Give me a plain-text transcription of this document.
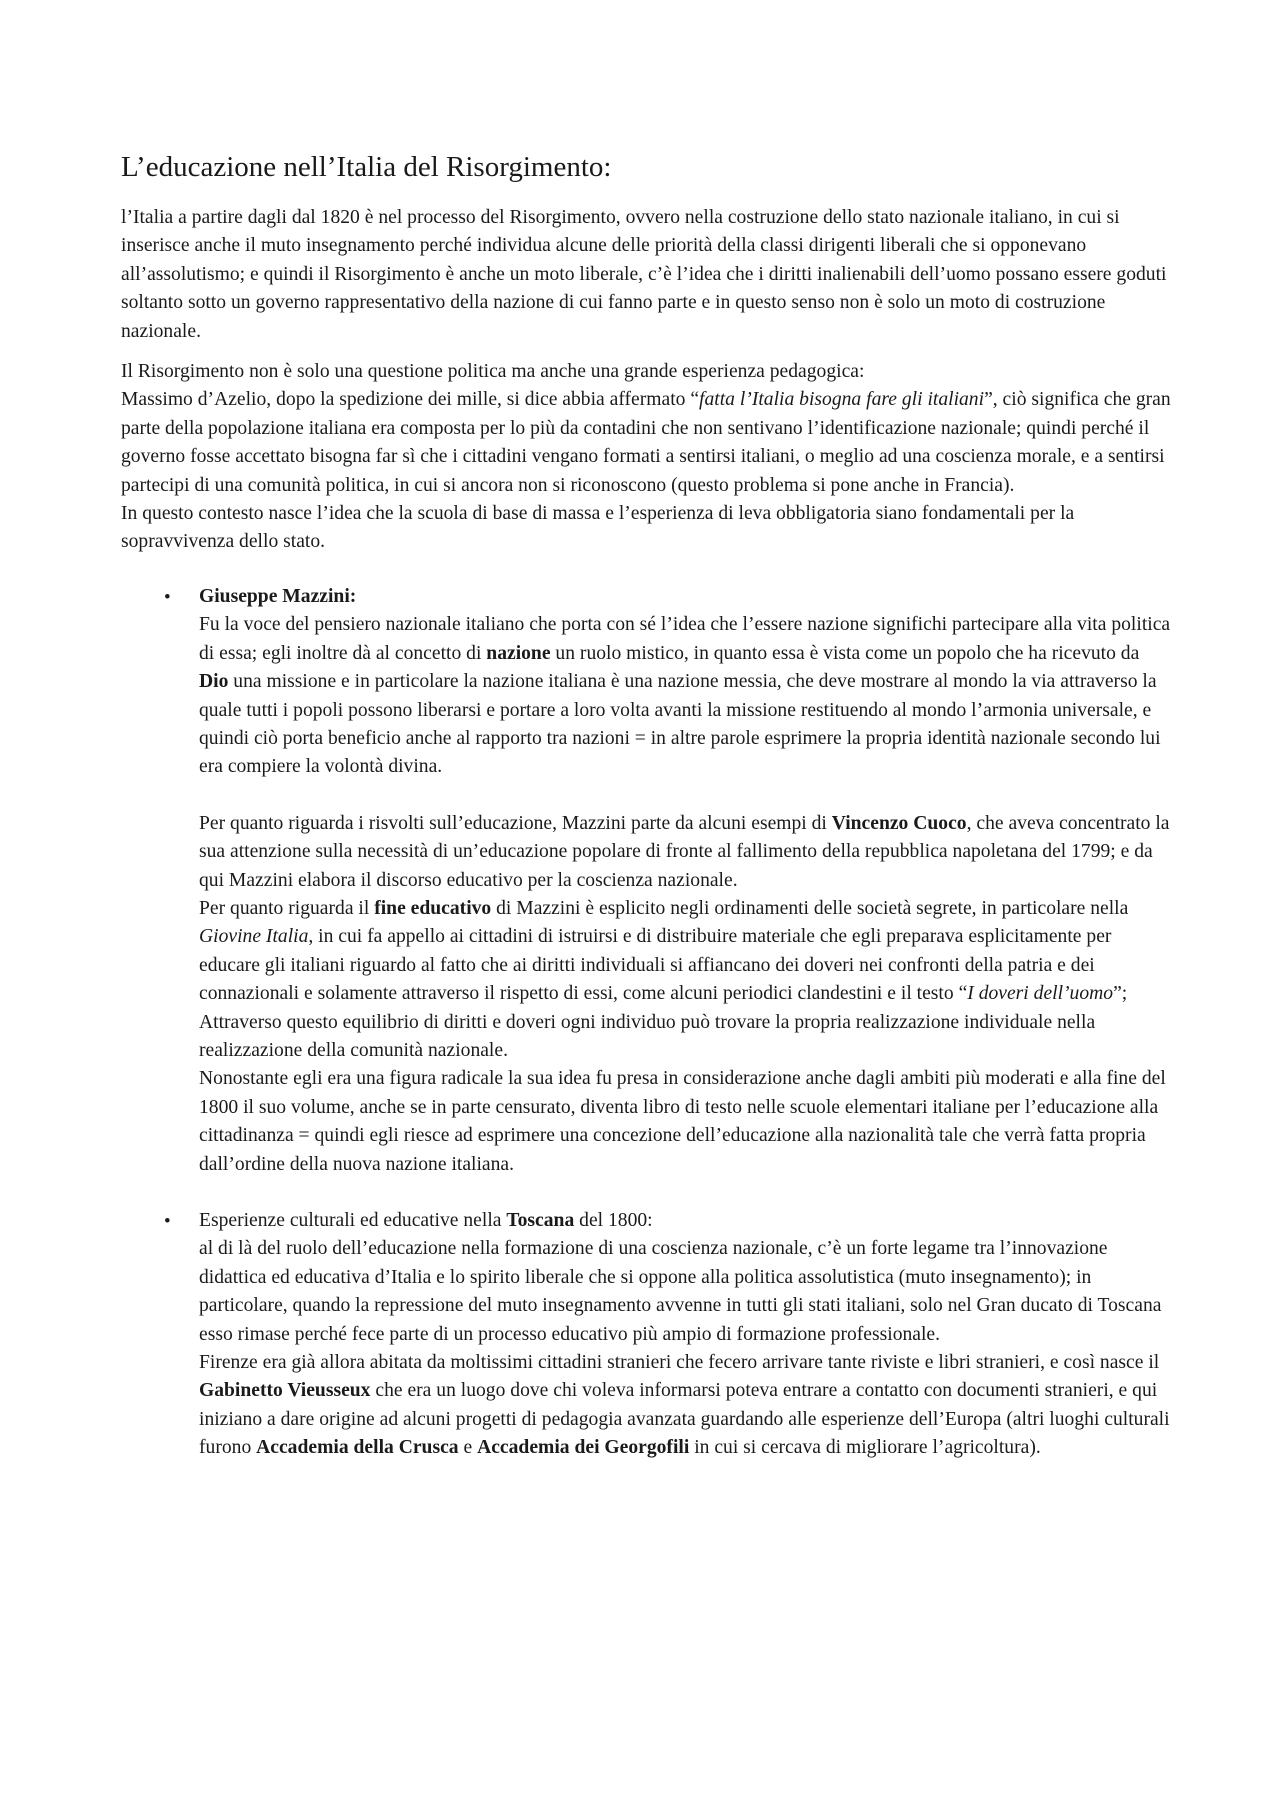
L’educazione nell’Italia del Risorgimento:

l’Italia a partire dagli dal 1820 è nel processo del Risorgimento, ovvero nella costruzione dello stato nazionale italiano, in cui si inserisce anche il muto insegnamento perché individua alcune delle priorità della classi dirigenti liberali che si opponevano all’assolutismo; e quindi il Risorgimento è anche un moto liberale, c’è l’idea che i diritti inalienabili dell’uomo possano essere goduti soltanto sotto un governo rappresentativo della nazione di cui fanno parte e in questo senso non è solo un moto di costruzione nazionale.

Il Risorgimento non è solo una questione politica ma anche una grande esperienza pedagogica:
Massimo d’Azelio, dopo la spedizione dei mille, si dice abbia affermato “fatta l’Italia bisogna fare gli italiani”, ciò significa che gran parte della popolazione italiana era composta per lo più da contadini che non sentivano l’identificazione nazionale; quindi perché il governo fosse accettato bisogna far sì che i cittadini vengano formati a sentirsi italiani, o meglio ad una coscienza morale, e a sentirsi partecipi di una comunità politica, in cui si ancora non si riconoscono (questo problema si pone anche in Francia).

In questo contesto nasce l’idea che la scuola di base di massa e l’esperienza di leva obbligatoria siano fondamentali per la sopravvivenza dello stato.

• Giuseppe Mazzini:
Fu la voce del pensiero nazionale italiano che porta con sé l’idea che l’essere nazione significhi partecipare alla vita politica di essa; egli inoltre dà al concetto di nazione un ruolo mistico, in quanto essa è vista come un popolo che ha ricevuto da Dio una missione e in particolare la nazione italiana è una nazione messia, che deve mostrare al mondo la via attraverso la quale tutti i popoli possono liberarsi e portare a loro volta avanti la missione restituendo al mondo l’armonia universale, e quindi ciò porta beneficio anche al rapporto tra nazioni = in altre parole esprimere la propria identità nazionale secondo lui era compiere la volontà divina.

Per quanto riguarda i risvolti sull’educazione, Mazzini parte da alcuni esempi di Vincenzo Cuoco, che aveva concentrato la sua attenzione sulla necessità di un’educazione popolare di fronte al fallimento della repubblica napoletana del 1799; e da qui Mazzini elabora il discorso educativo per la coscienza nazionale.

Per quanto riguarda il fine educativo di Mazzini è esplicito negli ordinamenti delle società segrete, in particolare nella Giovine Italia, in cui fa appello ai cittadini di istruirsi e di distribuire materiale che egli preparava esplicitamente per educare gli italiani riguardo al fatto che ai diritti individuali si affiancano dei doveri nei confronti della patria e dei connazionali e solamente attraverso il rispetto di essi, come alcuni periodici clandestini e il testo “I doveri dell’uomo”; Attraverso questo equilibrio di diritti e doveri ogni individuo può trovare la propria realizzazione individuale nella realizzazione della comunità nazionale.

Nonostante egli era una figura radicale la sua idea fu presa in considerazione anche dagli ambiti più moderati e alla fine del 1800 il suo volume, anche se in parte censurato, diventa libro di testo nelle scuole elementari italiane per l’educazione alla cittadinanza = quindi egli riesce ad esprimere una concezione dell’educazione alla nazionalità tale che verrà fatta propria dall’ordine della nuova nazione italiana.

• Esperienze culturali ed educative nella Toscana del 1800:
al di là del ruolo dell’educazione nella formazione di una coscienza nazionale, c’è un forte legame tra l’innovazione didattica ed educativa d’Italia e lo spirito liberale che si oppone alla politica assolutistica (muto insegnamento); in particolare, quando la repressione del muto insegnamento avvenne in tutti gli stati italiani, solo nel Gran ducato di Toscana esso rimase perché fece parte di un processo educativo più ampio di formazione professionale.

Firenze era già allora abitata da moltissimi cittadini stranieri che fecero arrivare tante riviste e libri stranieri, e così nasce il Gabinetto Vieusseux che era un luogo dove chi voleva informarsi poteva entrare a contatto con documenti stranieri, e qui iniziano a dare origine ad alcuni progetti di pedagogia avanzata guardando alle esperienze dell’Europa (altri luoghi culturali furono Accademia della Crusca e Accademia dei Georgofili in cui si cercava di migliorare l’agricoltura).
